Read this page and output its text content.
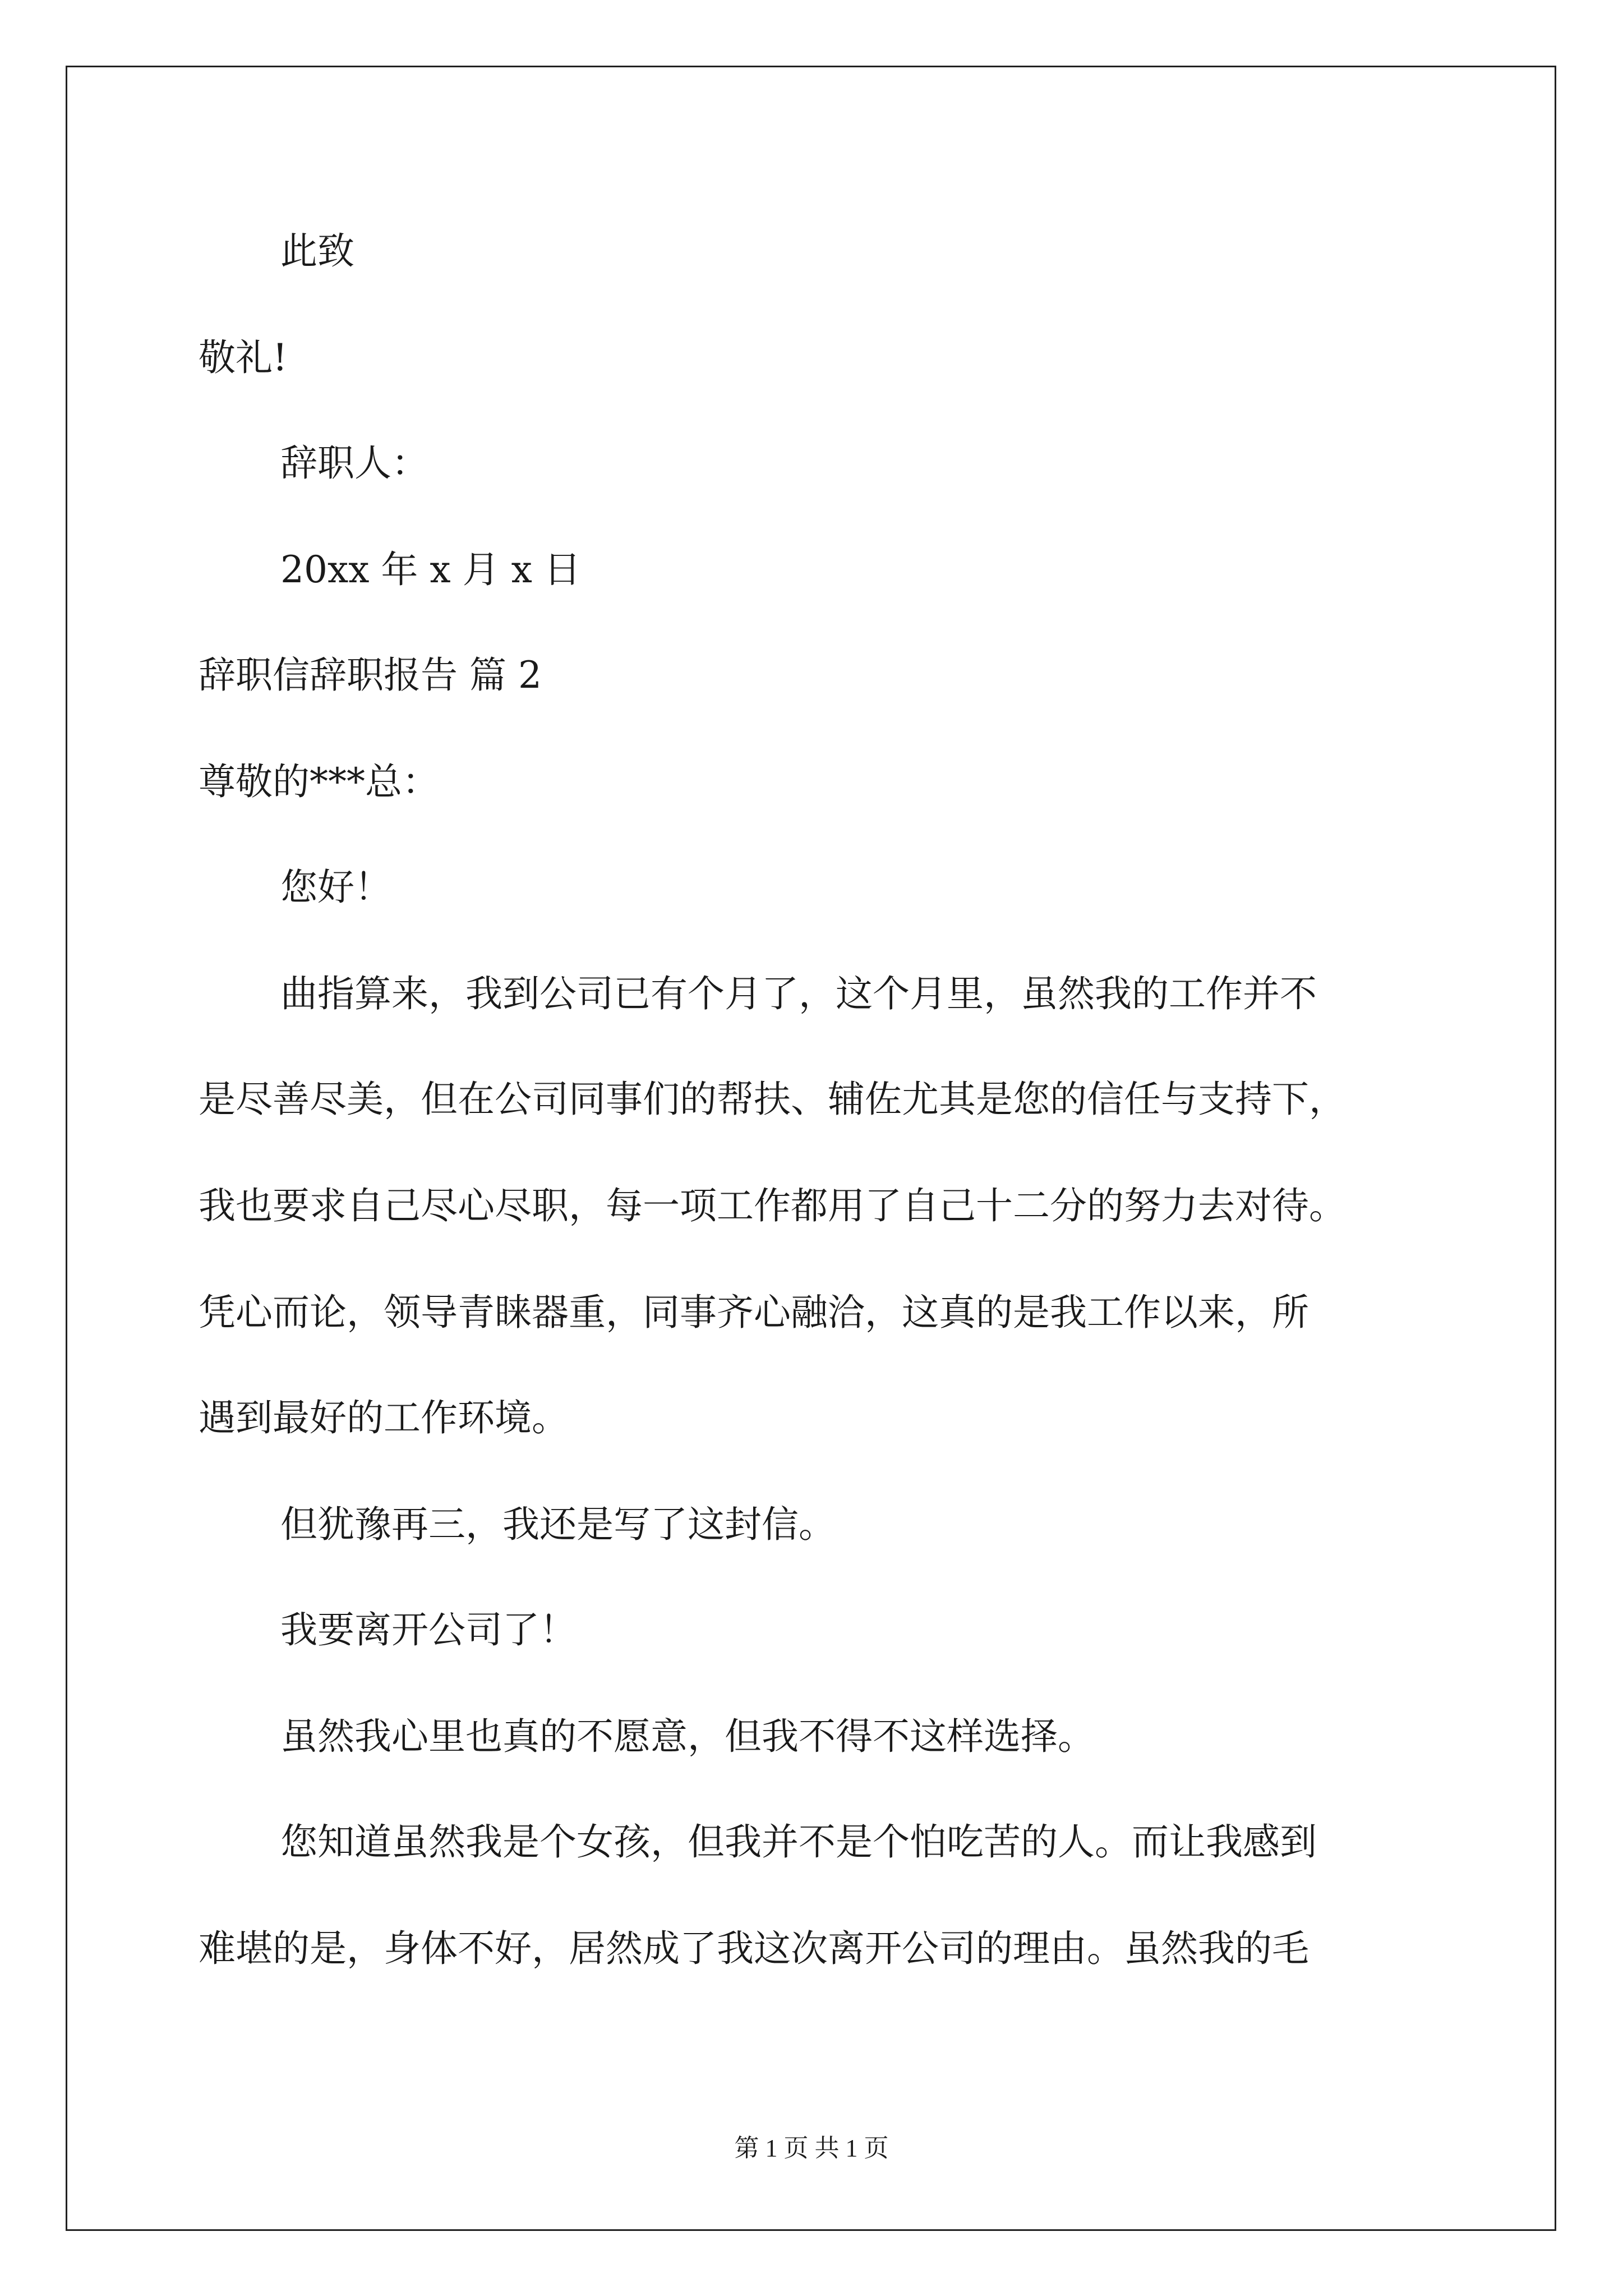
此致
敬礼!
辞职人：
20xx 年 x 月 x 日
辞职信辞职报告 篇 2
尊敬的***总：
您好！
曲指算来，我到公司已有个月了，这个月里，虽然我的工作并不
是尽善尽美，但在公司同事们的帮扶、辅佐尤其是您的信任与支持下，
我也要求自己尽心尽职，每一项工作都用了自己十二分的努力去对待。
凭心而论，领导青睐器重，同事齐心融洽，这真的是我工作以来，所
遇到最好的工作环境。
但犹豫再三，我还是写了这封信。
我要离开公司了！
虽然我心里也真的不愿意，但我不得不这样选择。
您知道虽然我是个女孩，但我并不是个怕吃苦的人。而让我感到
难堪的是，身体不好，居然成了我这次离开公司的理由。虽然我的毛
第 1 页 共 1 页
